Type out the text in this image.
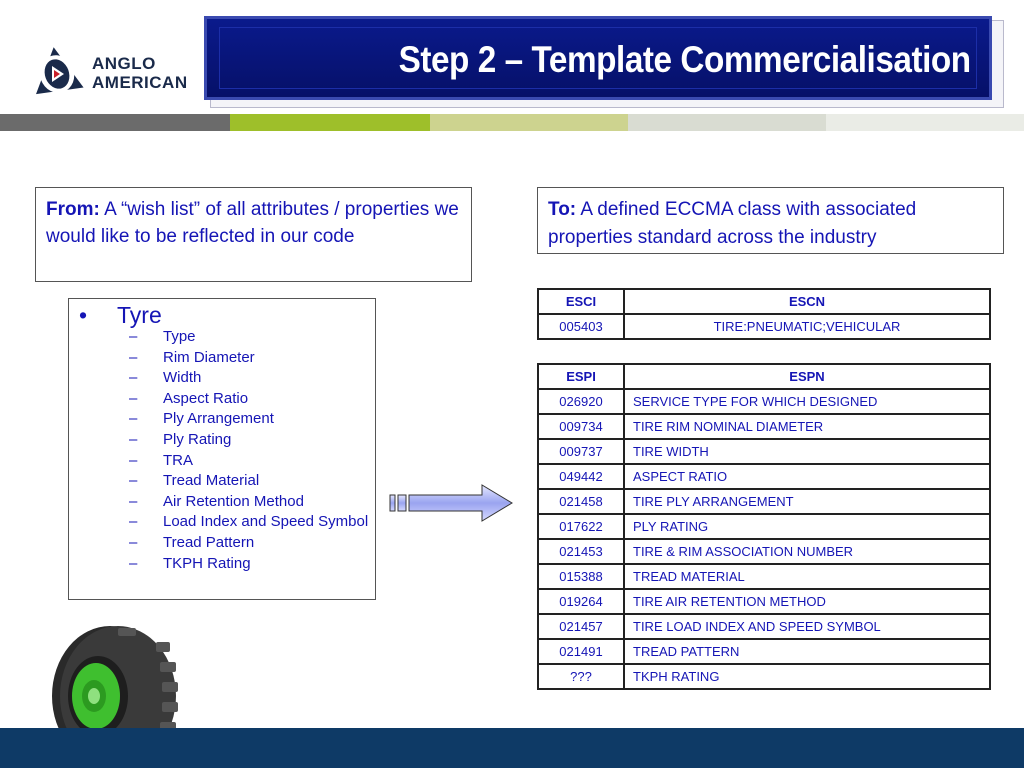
ANGLO
AMERICAN
Step 2 – Template Commercialisation
From: A “wish list” of all attributes / properties we would like to be reflected in our code
To: A defined ECCMA class with associated properties standard across the industry
• Tyre
– Type
– Rim Diameter
– Width
– Aspect Ratio
– Ply Arrangement
– Ply Rating
– TRA
– Tread Material
– Air Retention Method
– Load Index and Speed Symbol
– Tread Pattern
– TKPH Rating
ESCI	ESCN
005403	TIRE:PNEUMATIC;VEHICULAR
ESPI	ESPN
026920	SERVICE TYPE FOR WHICH DESIGNED
009734	TIRE RIM NOMINAL DIAMETER
009737	TIRE WIDTH
049442	ASPECT RATIO
021458	TIRE PLY ARRANGEMENT
017622	PLY RATING
021453	TIRE & RIM ASSOCIATION NUMBER
015388	TREAD MATERIAL
019264	TIRE AIR RETENTION METHOD
021457	TIRE LOAD INDEX AND SPEED SYMBOL
021491	TREAD PATTERN
???	TKPH RATING
